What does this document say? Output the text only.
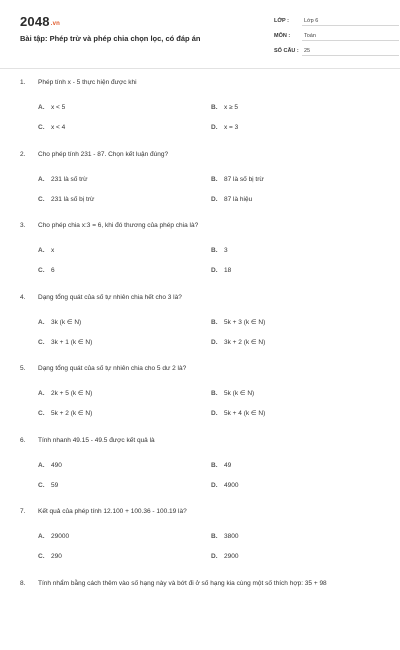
2048.vn
Bài tập: Phép trừ và phép chia chọn lọc, có đáp án
LỚP :	Lớp 6
MÔN :	Toán
SỐ CÂU : 25
1.	Phép tính x - 5 thực hiện được khi
A.	x < 5	B.	x ≥ 5
C.	x < 4	D.	x = 3
2.	Cho phép tính 231 - 87. Chọn kết luận đúng?
A.	231 là số trừ	B.	87 là số bị trừ
C.	231 là số bị trừ	D.	87 là hiệu
3.	Cho phép chia x:3 = 6, khi đó thương của phép chia là?
A.	x	B.	3
C.	6	D.	18
4.	Dạng tổng quát của số tự nhiên chia hết cho 3 là?
A.	3k (k ∈ N)	B.	5k + 3 (k ∈ N)
C.	3k + 1 (k ∈ N)	D.	3k + 2 (k ∈ N)
5.	Dạng tổng quát của số tự nhiên chia cho 5 dư 2 là?
A.	2k + 5 (k ∈ N)	B.	5k (k ∈ N)
C.	5k + 2 (k ∈ N)	D.	5k + 4 (k ∈ N)
6.	Tính nhanh 49.15 - 49.5 được kết quả là
A.	490	B.	49
C.	59	D.	4900
7.	Kết quả của phép tính 12.100 + 100.36 - 100.19 là?
A.	29000	B.	3800
C.	290	D.	2900
8.	Tính nhẩm bằng cách thêm vào số hạng này và bớt đi ở số hạng kia cùng một số thích hợp: 35 + 98
